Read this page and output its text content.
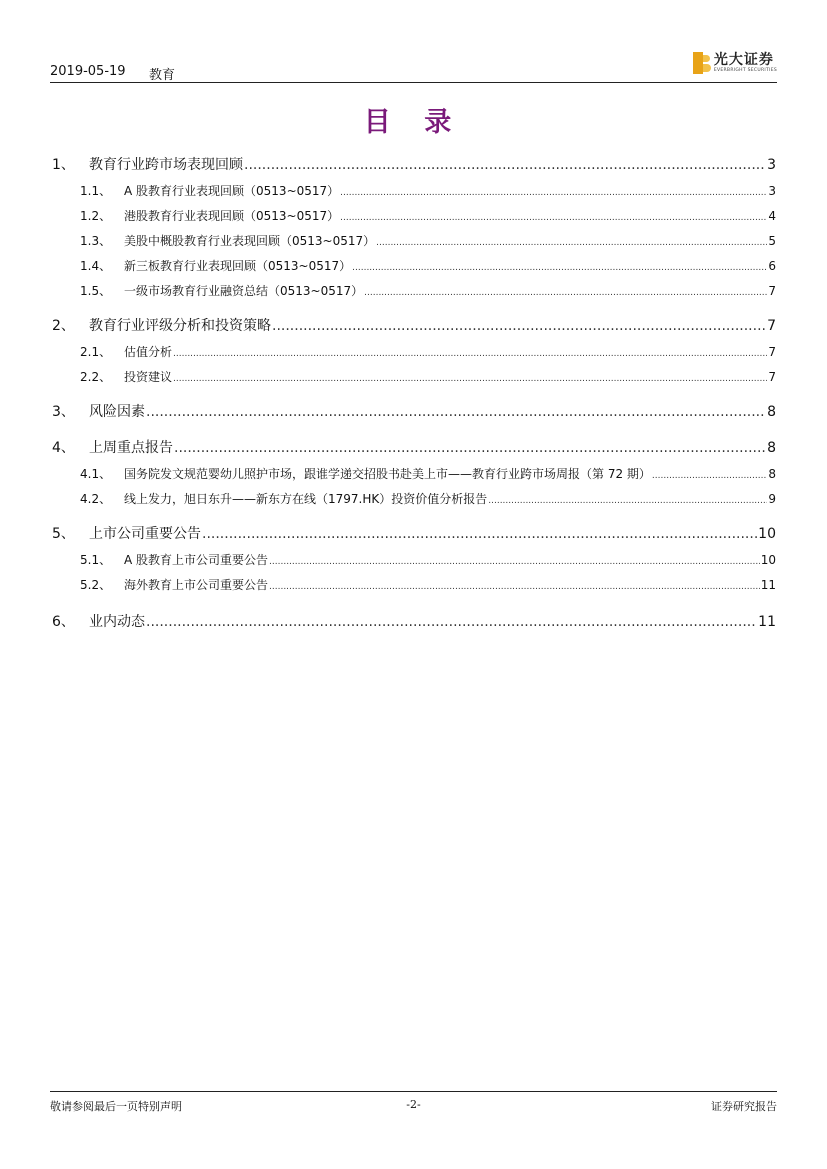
2019-05-19 教育
光大证券
EVERBRIGHT SECURITIES
目 录
1、	教育行业跨市场表现回顾 .....	3
1.1、	A 股教育行业表现回顾（0513~0517） .....	3
1.2、	港股教育行业表现回顾（0513~0517） .....	4
1.3、	美股中概股教育行业表现回顾（0513~0517） .....	5
1.4、	新三板教育行业表现回顾（0513~0517） .....	6
1.5、	一级市场教育行业融资总结（0513~0517） .....	7
2、	教育行业评级分析和投资策略 .....	7
2.1、	估值分析 .....	7
2.2、	投资建议 .....	7
3、	风险因素 .....	8
4、	上周重点报告 .....	8
4.1、	国务院发文规范婴幼儿照护市场，跟谁学递交招股书赴美上市——教育行业跨市场周报（第 72 期） .....	8
4.2、	线上发力，旭日东升——新东方在线（1797.HK）投资价值分析报告 .....	9
5、	上市公司重要公告 .....	10
5.1、	A 股教育上市公司重要公告 .....	10
5.2、	海外教育上市公司重要公告 .....	11
6、	业内动态 .....	11
敬请参阅最后一页特别声明	-2-	证券研究报告
